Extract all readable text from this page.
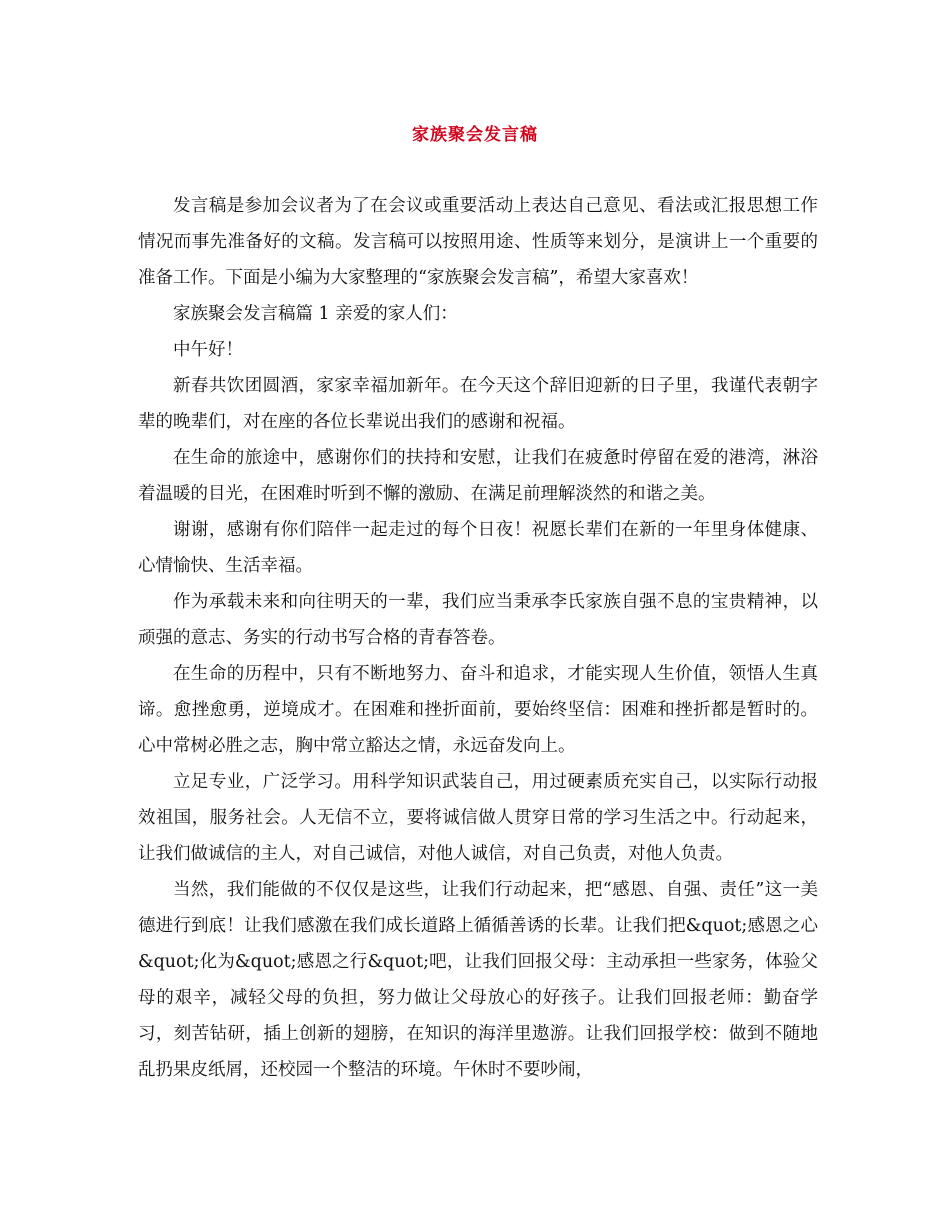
家族聚会发言稿

发言稿是参加会议者为了在会议或重要活动上表达自己意见、看法或汇报思想工作情况而事先准备好的文稿。发言稿可以按照用途、性质等来划分，是演讲上一个重要的准备工作。下面是小编为大家整理的“家族聚会发言稿”，希望大家喜欢！

家族聚会发言稿篇 1 亲爱的家人们：

中午好！

新春共饮团圆酒，家家幸福加新年。在今天这个辞旧迎新的日子里，我谨代表朝字辈的晚辈们，对在座的各位长辈说出我们的感谢和祝福。

在生命的旅途中，感谢你们的扶持和安慰，让我们在疲惫时停留在爱的港湾，淋浴着温暖的目光，在困难时听到不懈的激励、在满足前理解淡然的和谐之美。

谢谢，感谢有你们陪伴一起走过的每个日夜！祝愿长辈们在新的一年里身体健康、心情愉快、生活幸福。

作为承载未来和向往明天的一辈，我们应当秉承李氏家族自强不息的宝贵精神，以顽强的意志、务实的行动书写合格的青春答卷。

在生命的历程中，只有不断地努力、奋斗和追求，才能实现人生价值，领悟人生真谛。愈挫愈勇，逆境成才。在困难和挫折面前，要始终坚信：困难和挫折都是暂时的。心中常树必胜之志，胸中常立豁达之情，永远奋发向上。

立足专业，广泛学习。用科学知识武装自己，用过硬素质充实自己，以实际行动报效祖国，服务社会。人无信不立，要将诚信做人贯穿日常的学习生活之中。行动起来，让我们做诚信的主人，对自己诚信，对他人诚信，对自己负责，对他人负责。

当然，我们能做的不仅仅是这些，让我们行动起来，把“感恩、自强、责任”这一美德进行到底！让我们感激在我们成长道路上循循善诱的长辈。让我们把&quot;感恩之心&quot;化为&quot;感恩之行&quot;吧，让我们回报父母：主动承担一些家务，体验父母的艰辛，减轻父母的负担，努力做让父母放心的好孩子。让我们回报老师：勤奋学习，刻苦钻研，插上创新的翅膀，在知识的海洋里遨游。让我们回报学校：做到不随地乱扔果皮纸屑，还校园一个整洁的环境。午休时不要吵闹，
